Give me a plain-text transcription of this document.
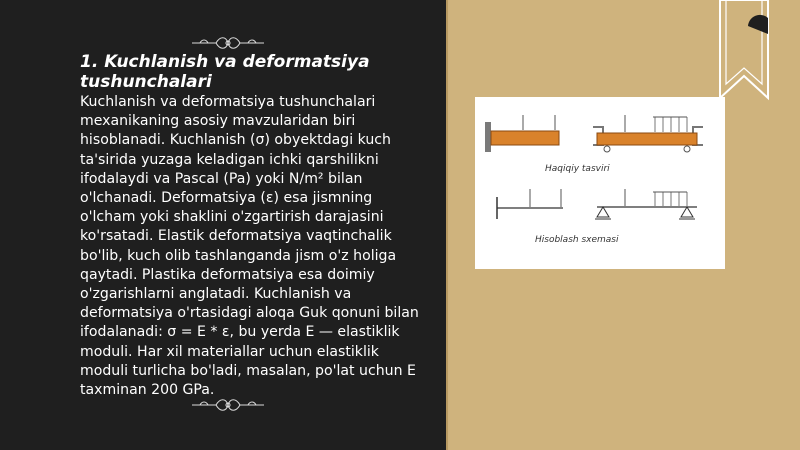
1. Kuchlanish va deformatsiya tushunchalari

Kuchlanish va deformatsiya tushunchalari mexanikaning asosiy mavzularidan biri hisoblanadi. Kuchlanish (σ) obyektdagi kuch ta'sirida yuzaga keladigan ichki qarshilikni ifodalaydi va Pascal (Pa) yoki N/m² bilan o'lchanadi. Deformatsiya (ε) esa jismning o'lcham yoki shaklini o'zgartirish darajasini ko'rsatadi. Elastik deformatsiya vaqtinchalik bo'lib, kuch olib tashlanganda jism o'z holiga qaytadi. Plastika deformatsiya esa doimiy o'zgarishlarni anglatadi. Kuchlanish va deformatsiya o'rtasidagi aloqa Guk qonuni bilan ifodalanadi: σ = E * ε, bu yerda E — elastiklik moduli. Har xil materiallar uchun elastiklik moduli turlicha bo'ladi, masalan, po'lat uchun E taxminan 200 GPa.

Haqiqiy tasviri

Hisoblash sxemasi
